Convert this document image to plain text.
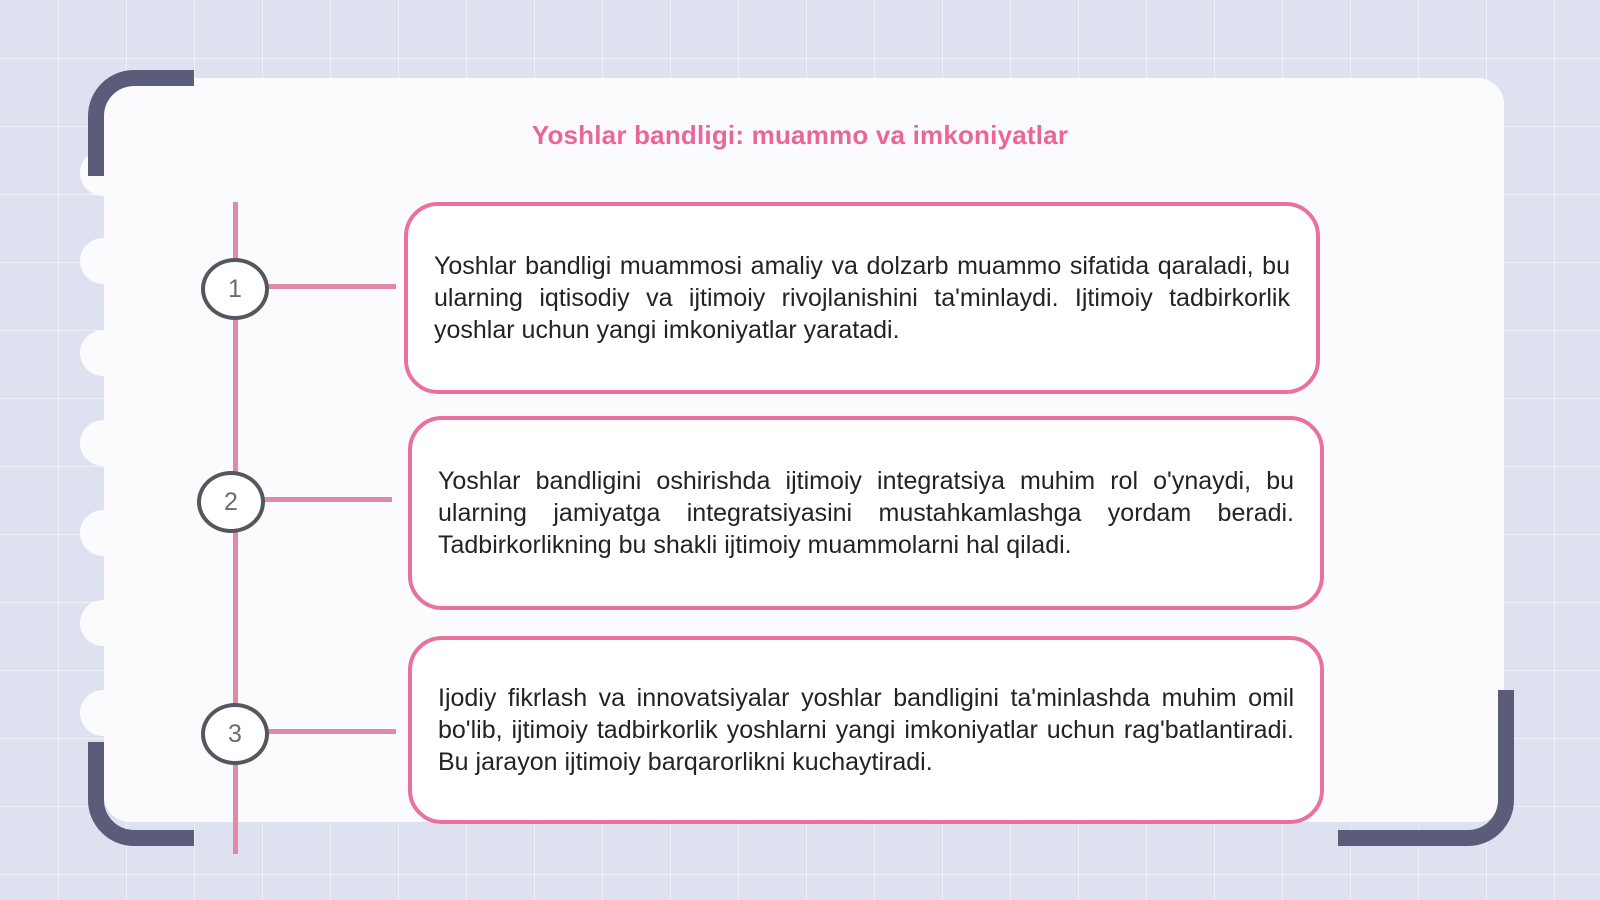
Yoshlar bandligi: muammo va imkoniyatlar
1
2
3
Yoshlar bandligi muammosi amaliy va dolzarb muammo sifatida qaraladi, bu ularning iqtisodiy va ijtimoiy rivojlanishini ta'minlaydi. Ijtimoiy tadbirkorlik yoshlar uchun yangi imkoniyatlar yaratadi.
Yoshlar bandligini oshirishda ijtimoiy integratsiya muhim rol o'ynaydi, bu ularning jamiyatga integratsiyasini mustahkamlashga yordam beradi. Tadbirkorlikning bu shakli ijtimoiy muammolarni hal qiladi.
Ijodiy fikrlash va innovatsiyalar yoshlar bandligini ta'minlashda muhim omil bo'lib, ijtimoiy tadbirkorlik yoshlarni yangi imkoniyatlar uchun rag'batlantiradi. Bu jarayon ijtimoiy barqarorlikni kuchaytiradi.
